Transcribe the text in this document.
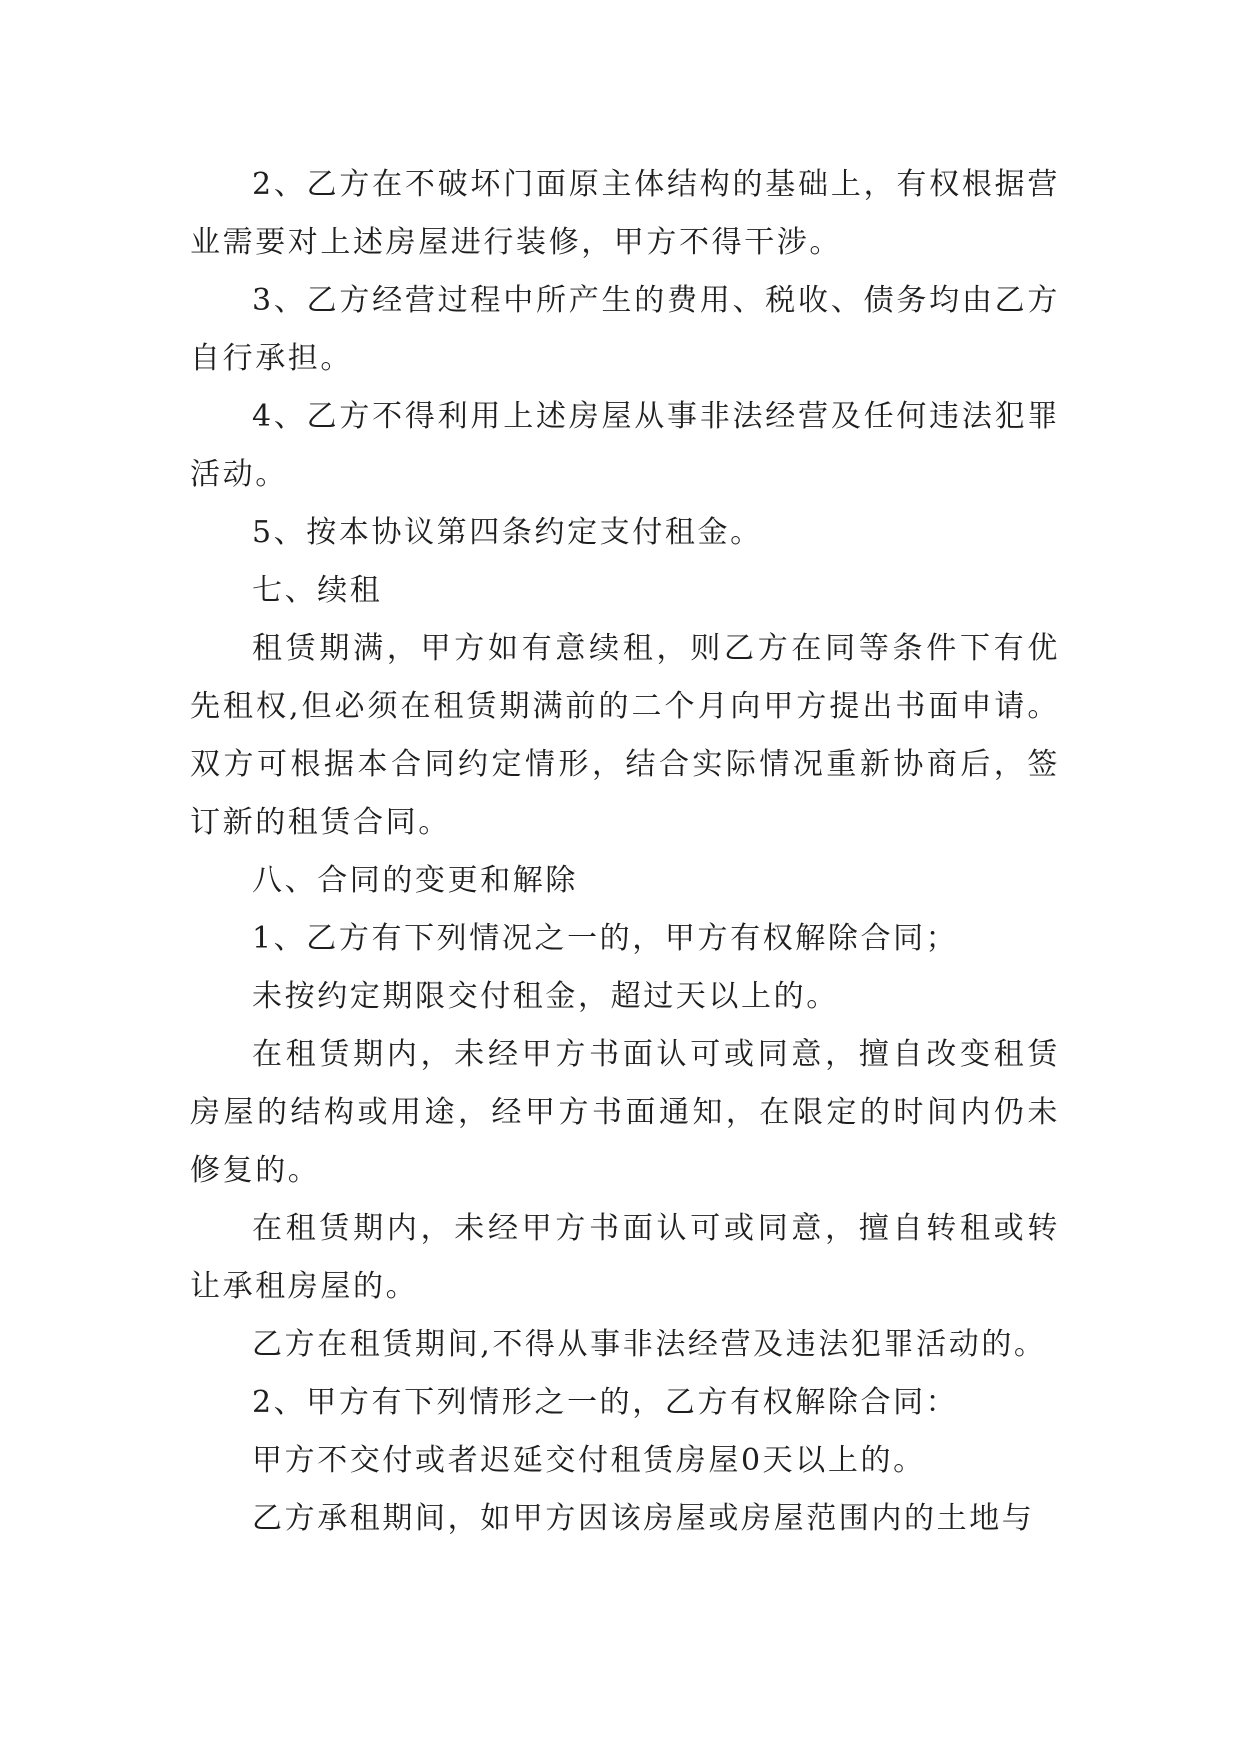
2、乙方在不破坏门面原主体结构的基础上，有权根据营业需要对上述房屋进行装修，甲方不得干涉。

3、乙方经营过程中所产生的费用、税收、债务均由乙方自行承担。

4、乙方不得利用上述房屋从事非法经营及任何违法犯罪活动。

5、按本协议第四条约定支付租金。

七、续租

租赁期满，甲方如有意续租，则乙方在同等条件下有优先租权,但必须在租赁期满前的二个月向甲方提出书面申请。双方可根据本合同约定情形，结合实际情况重新协商后，签订新的租赁合同。

八、合同的变更和解除

1、乙方有下列情况之一的，甲方有权解除合同；

未按约定期限交付租金，超过天以上的。

在租赁期内，未经甲方书面认可或同意，擅自改变租赁房屋的结构或用途，经甲方书面通知，在限定的时间内仍未修复的。

在租赁期内，未经甲方书面认可或同意，擅自转租或转让承租房屋的。

乙方在租赁期间,不得从事非法经营及违法犯罪活动的。

2、甲方有下列情形之一的，乙方有权解除合同：

甲方不交付或者迟延交付租赁房屋0天以上的。

乙方承租期间，如甲方因该房屋或房屋范围内的土地与
